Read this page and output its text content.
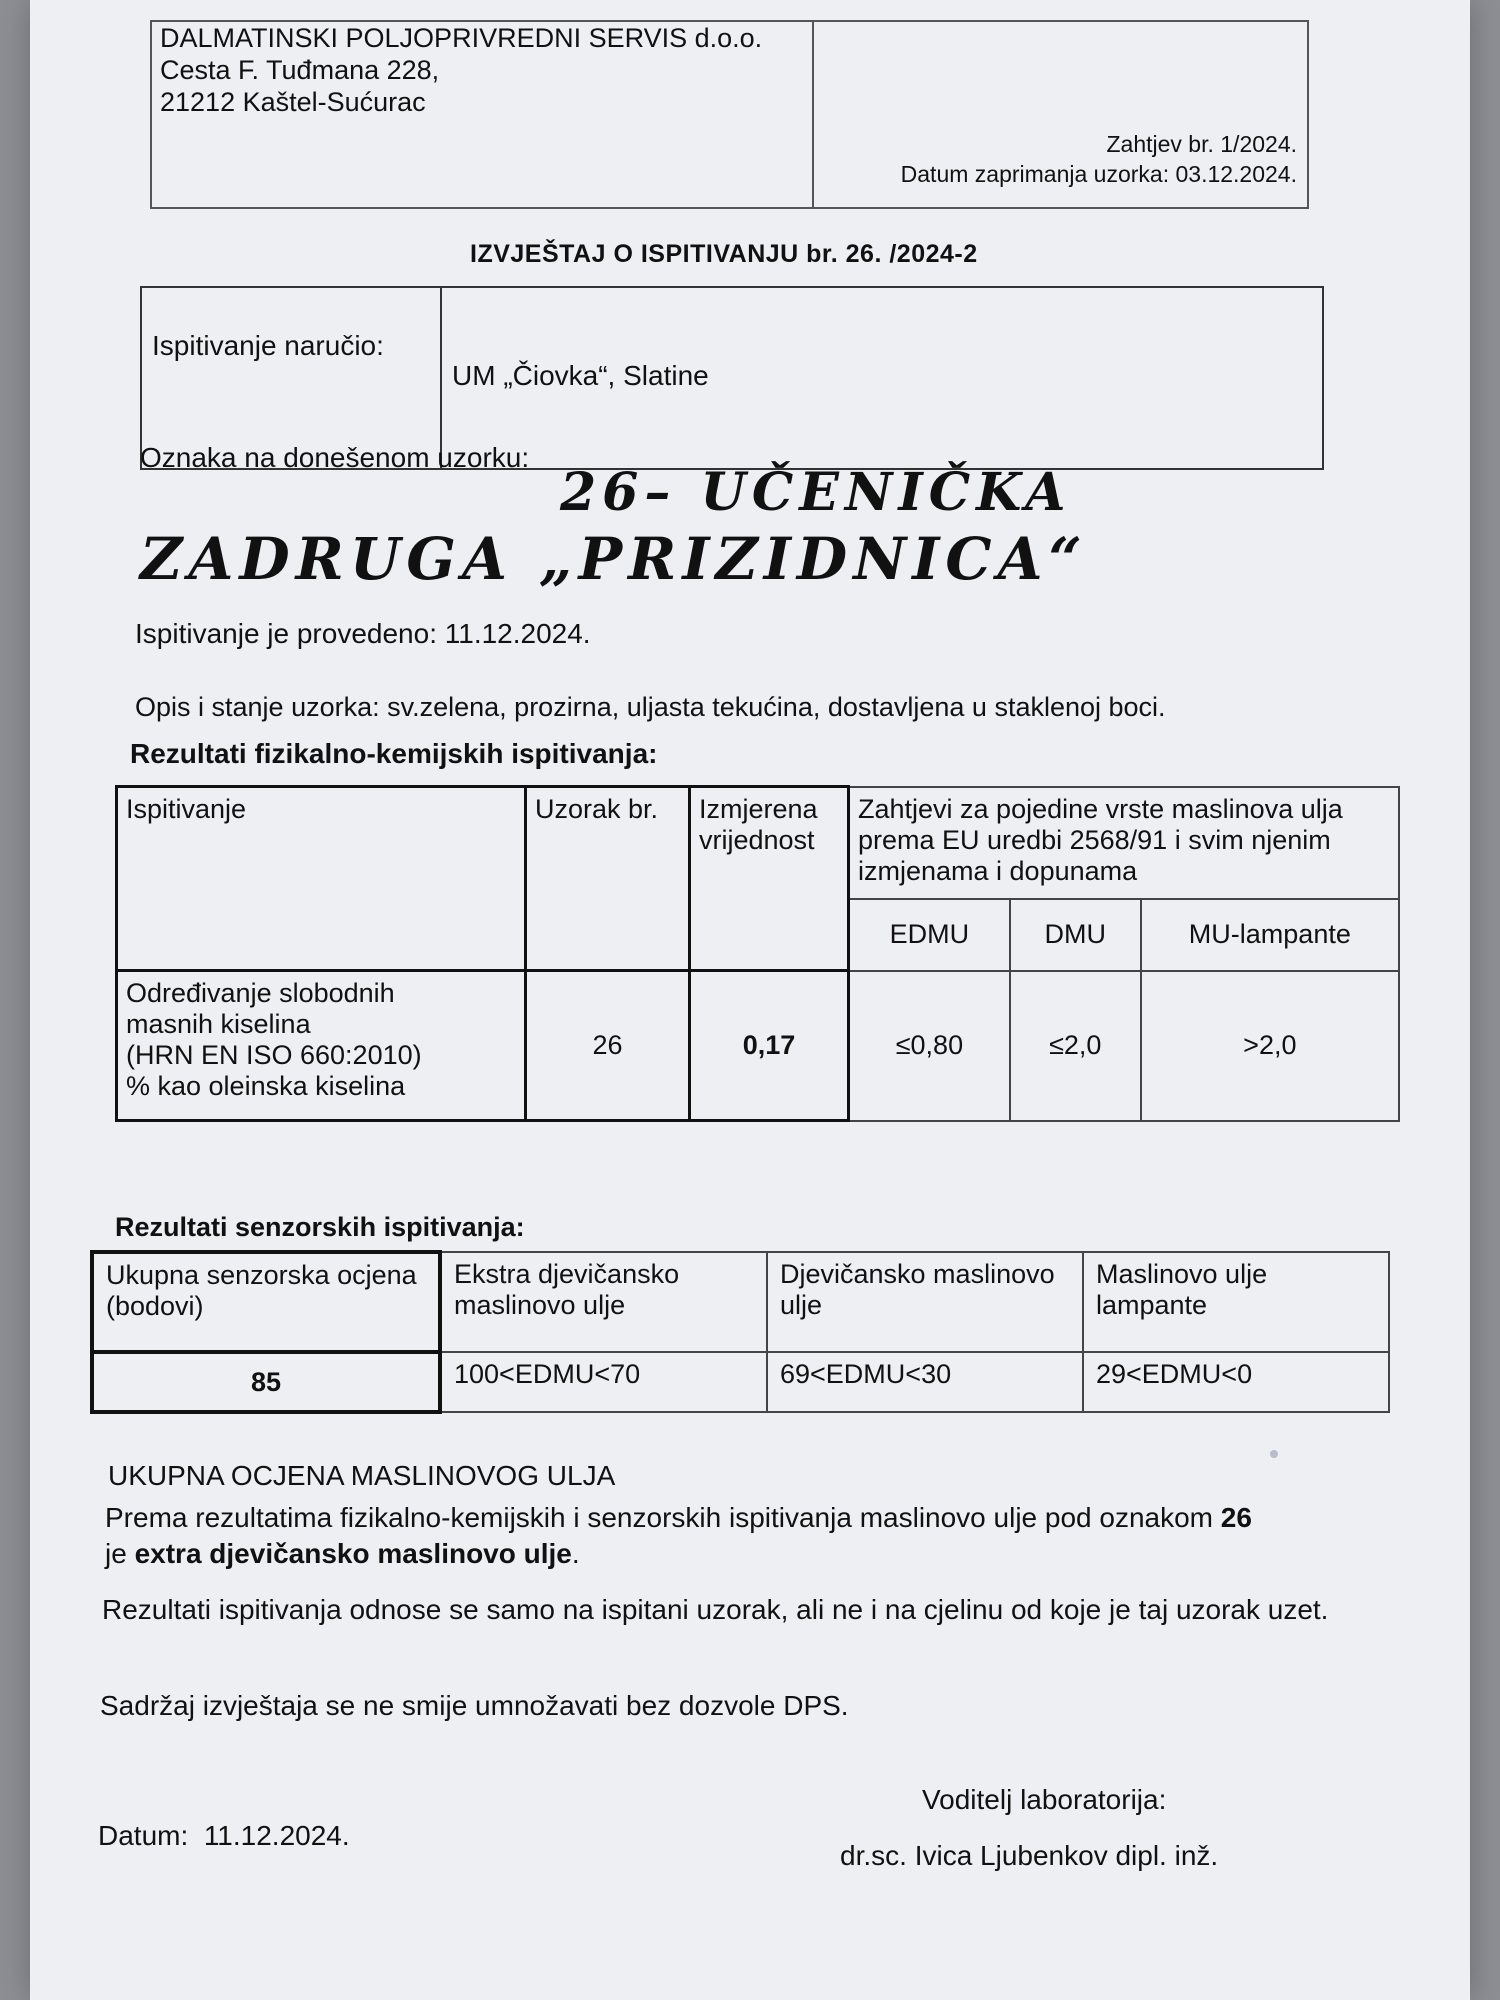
DALMATINSKI POLJOPRIVREDNI SERVIS d.o.o.
Cesta F. Tuđmana 228,
21212 Kaštel-Sućurac
Zahtjev br. 1/2024.
Datum zaprimanja uzorka: 03.12.2024.
IZVJEŠTAJ O ISPITIVANJU br. 26. /2024-2
Ispitivanje naručio:
UM „Čiovka“, Slatine
Oznaka na donešenom uzorku:
26– UČENIČKA
ZADRUGA „PRIZIDNICA“
Ispitivanje je provedeno: 11.12.2024.
Opis i stanje uzorka: sv.zelena, prozirna, uljasta tekućina, dostavljena u staklenoj boci.
Rezultati fizikalno-kemijskih ispitivanja:
Ispitivanje	Uzorak br.	Izmjerena vrijednost	Zahtjevi za pojedine vrste maslinova ulja prema EU uredbi 2568/91 i svim njenim izmjenama i dopunama		
			EDMU	DMU	MU-lampante

Određivanje slobodnih
masnih kiselina
(HRN EN ISO 660:2010)
% kao oleinska kiselina	26	0,17	≤0,80	≤2,0	>2,0
Rezultati senzorskih ispitivanja:
Ukupna senzorska ocjena (bodovi)	Ekstra djevičansko maslinovo ulje	Djevičansko maslinovo ulje	Maslinovo ulje lampante
85	100<EDMU<70	69<EDMU<30	29<EDMU<0
UKUPNA OCJENA MASLINOVOG ULJA
Prema rezultatima fizikalno-kemijskih i senzorskih ispitivanja maslinovo ulje pod oznakom 26
je extra djevičansko maslinovo ulje.
Rezultati ispitivanja odnose se samo na ispitani uzorak, ali ne i na cjelinu od koje je taj uzorak uzet.
Sadržaj izvještaja se ne smije umnožavati bez dozvole DPS.
Datum: 11.12.2024.
Voditelj laboratorija:
dr.sc. Ivica Ljubenkov dipl. inž.
